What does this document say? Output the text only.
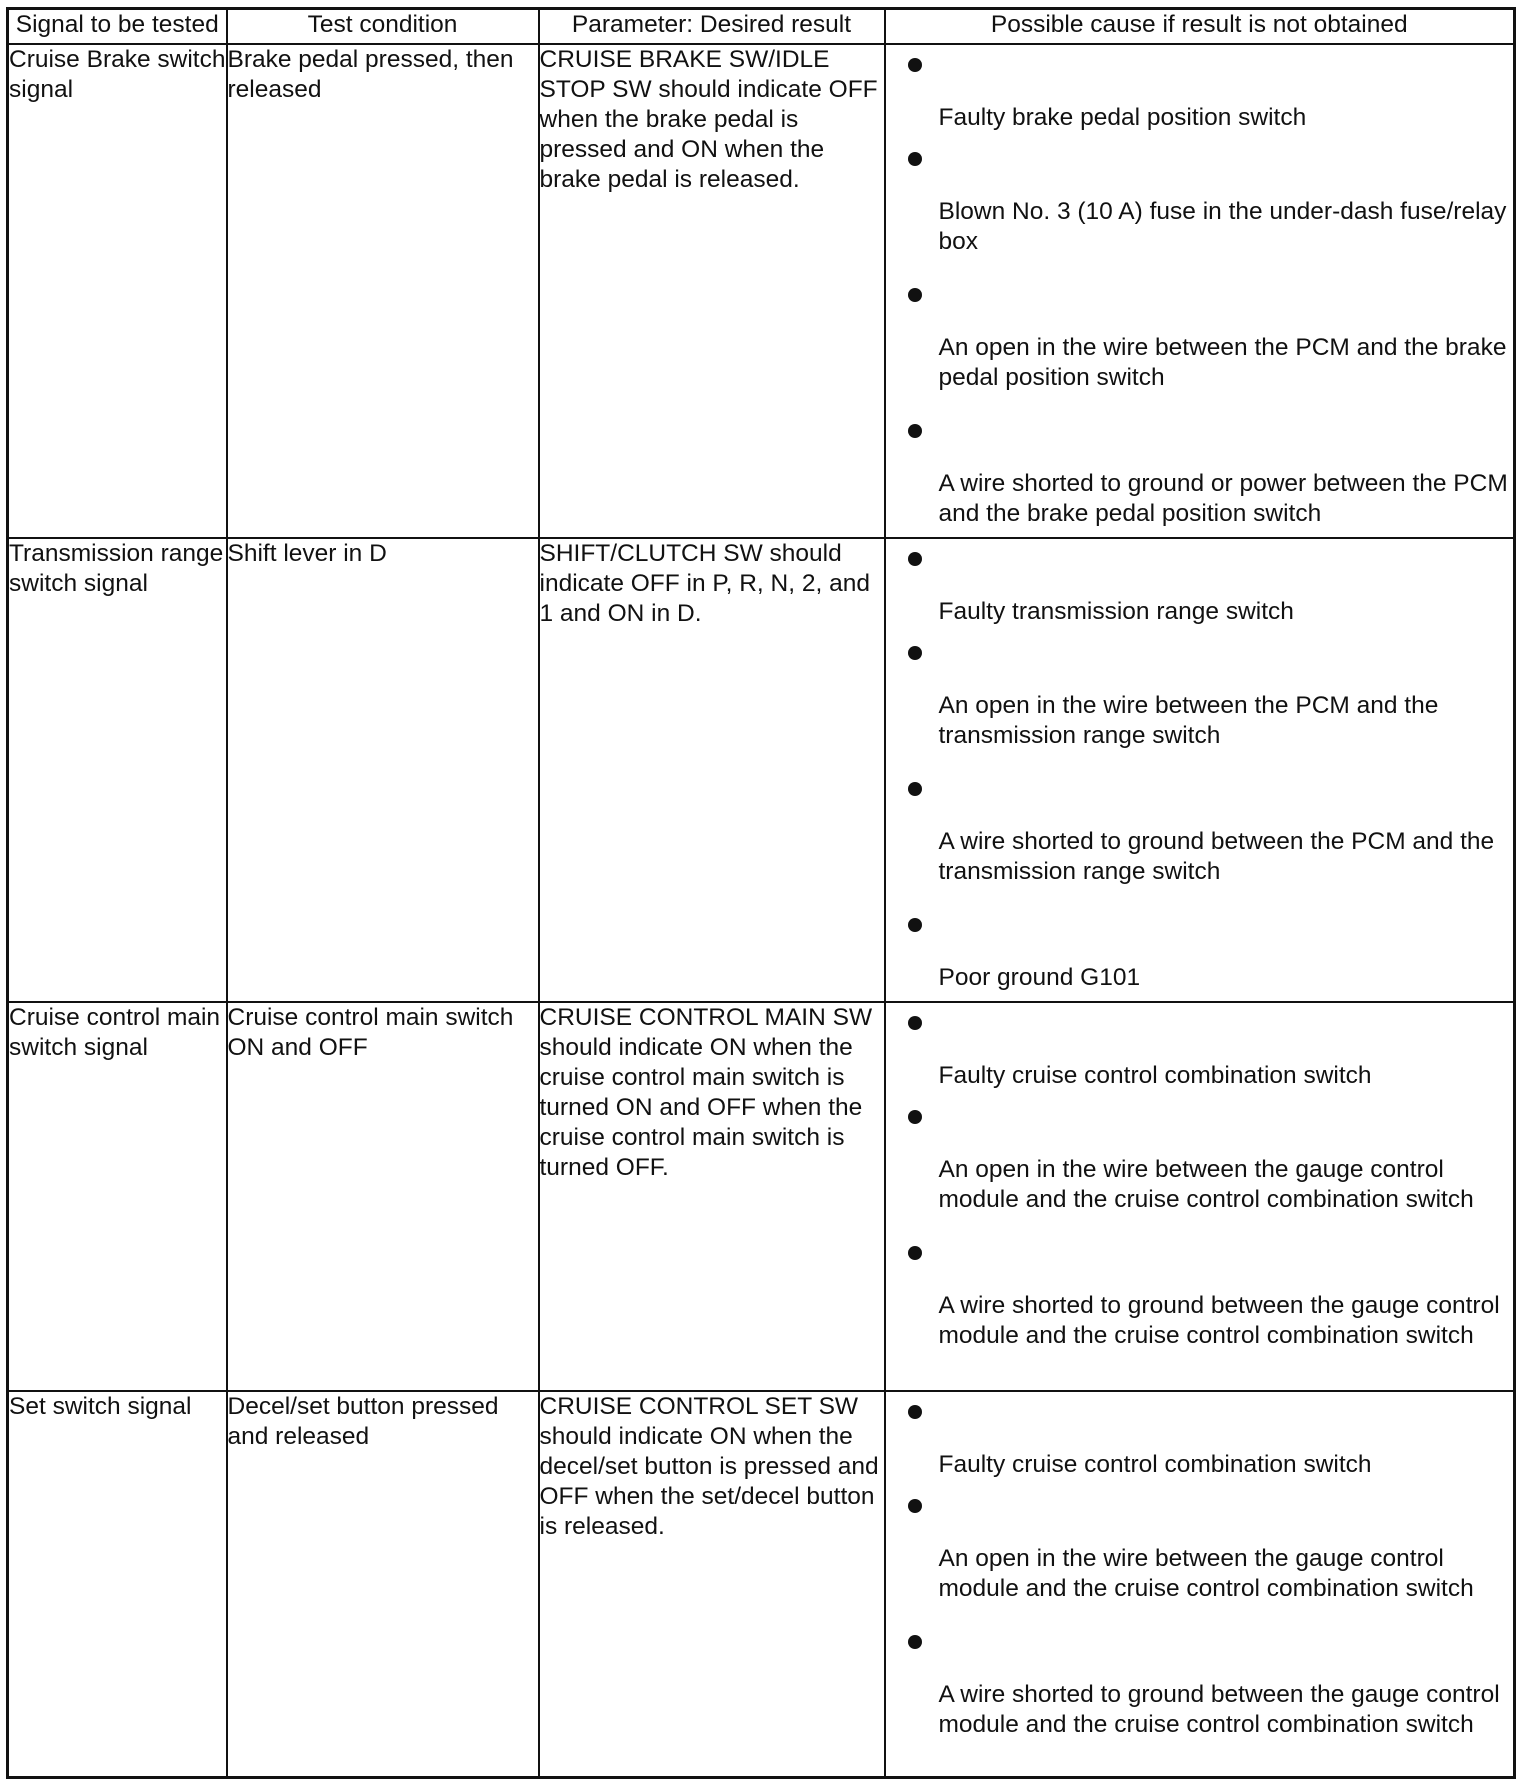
Signal to be tested	Test condition	Parameter: Desired result	Possible cause if result is not obtained
Cruise Brake switch signal	Brake pedal pressed, then released	CRUISE BRAKE SW/IDLE STOP SW should indicate OFF when the brake pedal is pressed and ON when the brake pedal is released.	Faulty brake pedal position switch
Blown No. 3 (10 A) fuse in the under-dash fuse/relay box
An open in the wire between the PCM and the brake pedal position switch
A wire shorted to ground or power between the PCM and the brake pedal position switch

Transmission range switch signal	Shift lever in D	SHIFT/CLUTCH SW should indicate OFF in P, R, N, 2, and 1 and ON in D.	Faulty transmission range switch
An open in the wire between the PCM and the transmission range switch
A wire shorted to ground between the PCM and the transmission range switch
Poor ground G101

Cruise control main switch signal	Cruise control main switch ON and OFF	CRUISE CONTROL MAIN SW should indicate ON when the cruise control main switch is turned ON and OFF when the cruise control main switch is turned OFF.	Faulty cruise control combination switch
An open in the wire between the gauge control module and the cruise control combination switch
A wire shorted to ground between the gauge control module and the cruise control combination switch

Set switch signal	Decel/set button pressed and released	CRUISE CONTROL SET SW should indicate ON when the decel/set button is pressed and OFF when the set/decel button is released.	Faulty cruise control combination switch
An open in the wire between the gauge control module and the cruise control combination switch
A wire shorted to ground between the gauge control module and the cruise control combination switch
